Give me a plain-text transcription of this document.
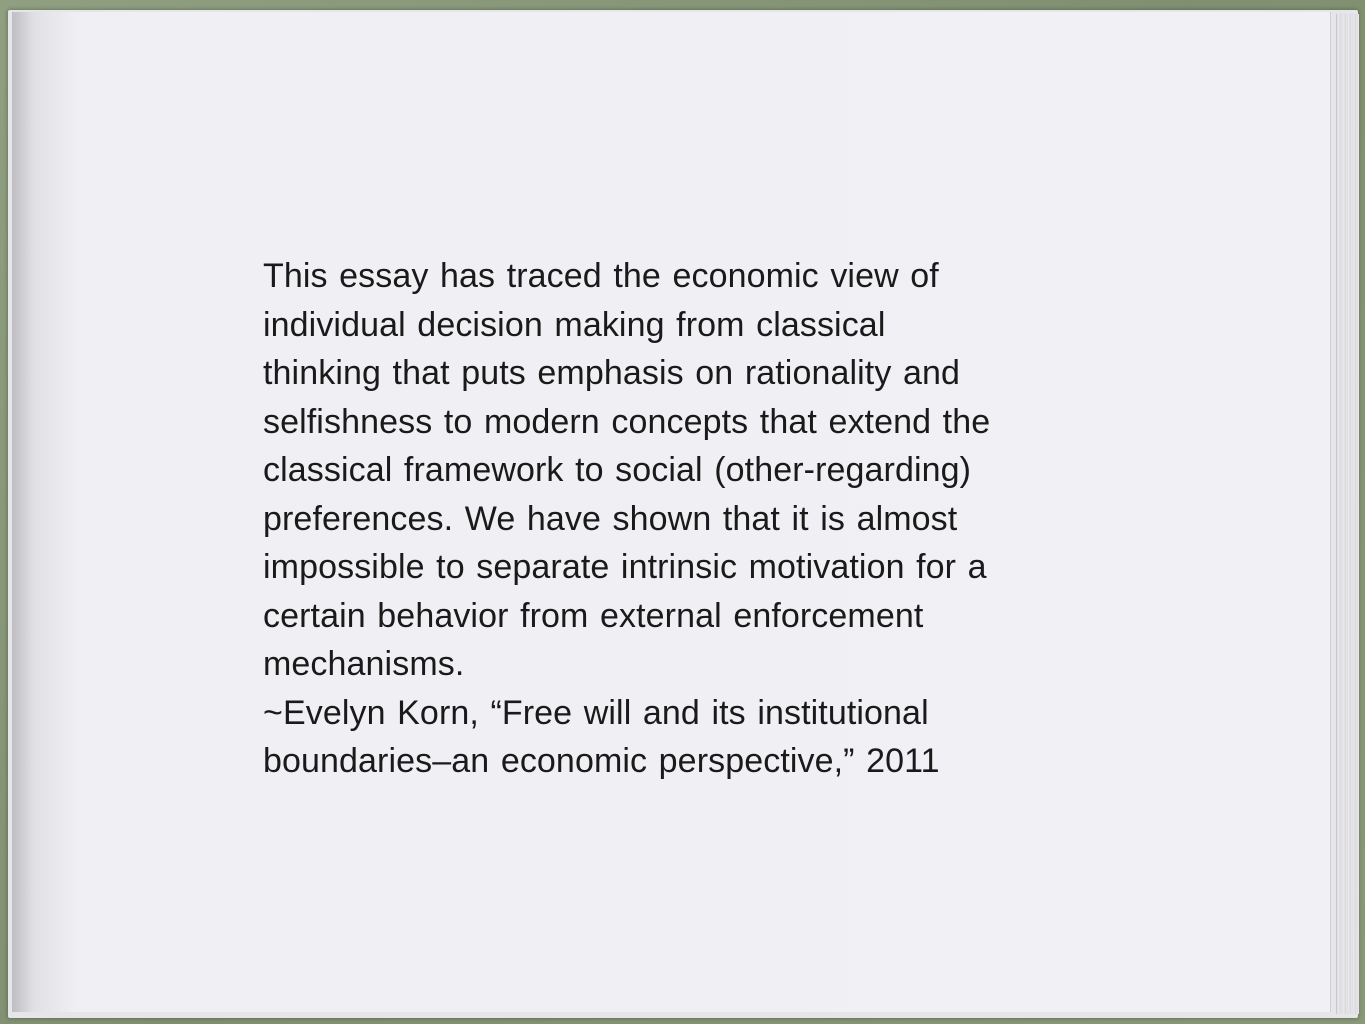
This essay has traced the economic view of

individual decision making from classical

thinking that puts emphasis on rationality and

selfishness to modern concepts that extend the

classical framework to social (other-regarding)

preferences. We have shown that it is almost

impossible to separate intrinsic motivation for a

certain behavior from external enforcement

mechanisms.

~Evelyn Korn, “Free will and its institutional

boundaries–an economic perspective,” 2011
